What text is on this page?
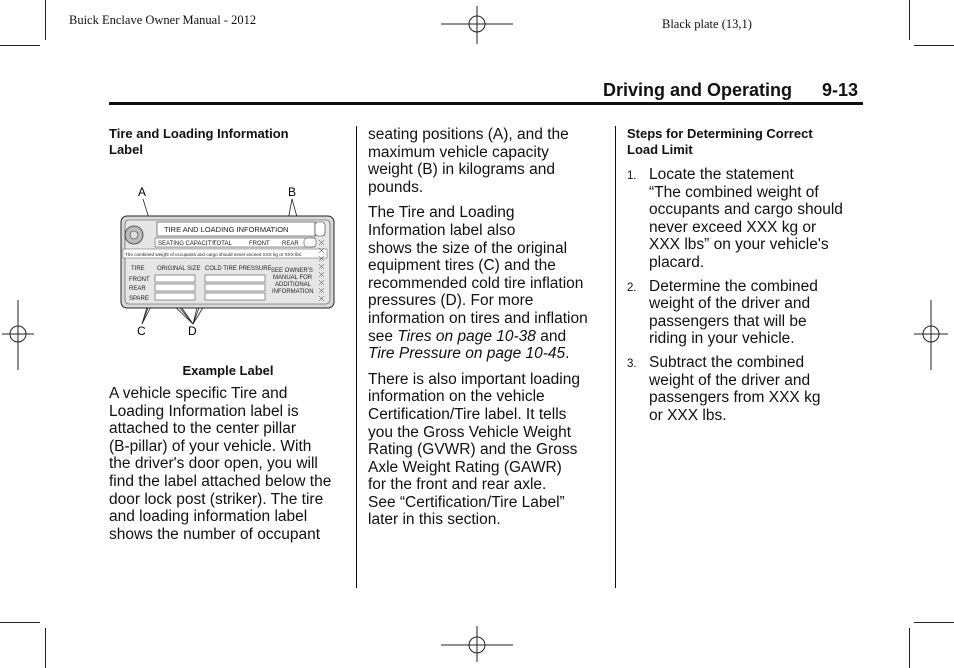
Buick Enclave Owner Manual - 2012	Black plate (13,1)
Driving and Operating 9-13
Tire and Loading Information
Label
A	B
C	D
TIRE AND LOADING INFORMATION
SEATING CAPACITY
TOTAL	FRONT REAR
The combined weight of occupants and cargo should never exceed XXX kg or XXX lbs.
TIRE ORIGINAL SIZE COLD TIRE PRESSURE
FRONT
REAR
SPARE
SEE OWNER'S
MANUAL FOR
ADDITIONAL
INFORMATION
Example Label
A vehicle specific Tire and
Loading Information label is
attached to the center pillar
(B-pillar) of your vehicle. With
the driver's door open, you will
find the label attached below the
door lock post (striker). The tire
and loading information label
shows the number of occupant
seating positions (A), and the
maximum vehicle capacity
weight (B) in kilograms and
pounds.
The Tire and Loading
Information label also
shows the size of the original
equipment tires (C) and the
recommended cold tire inflation
pressures (D). For more
information on tires and inflation
see Tires on page 10-38 and
Tire Pressure on page 10-45.
There is also important loading
information on the vehicle
Certification/Tire label. It tells
you the Gross Vehicle Weight
Rating (GVWR) and the Gross
Axle Weight Rating (GAWR)
for the front and rear axle.
See “Certification/Tire Label”
later in this section.
Steps for Determining Correct
Load Limit
1. Locate the statement
“The combined weight of
occupants and cargo should
never exceed XXX kg or
XXX lbs” on your vehicle's
placard.
2. Determine the combined
weight of the driver and
passengers that will be
riding in your vehicle.
3. Subtract the combined
weight of the driver and
passengers from XXX kg
or XXX lbs.
